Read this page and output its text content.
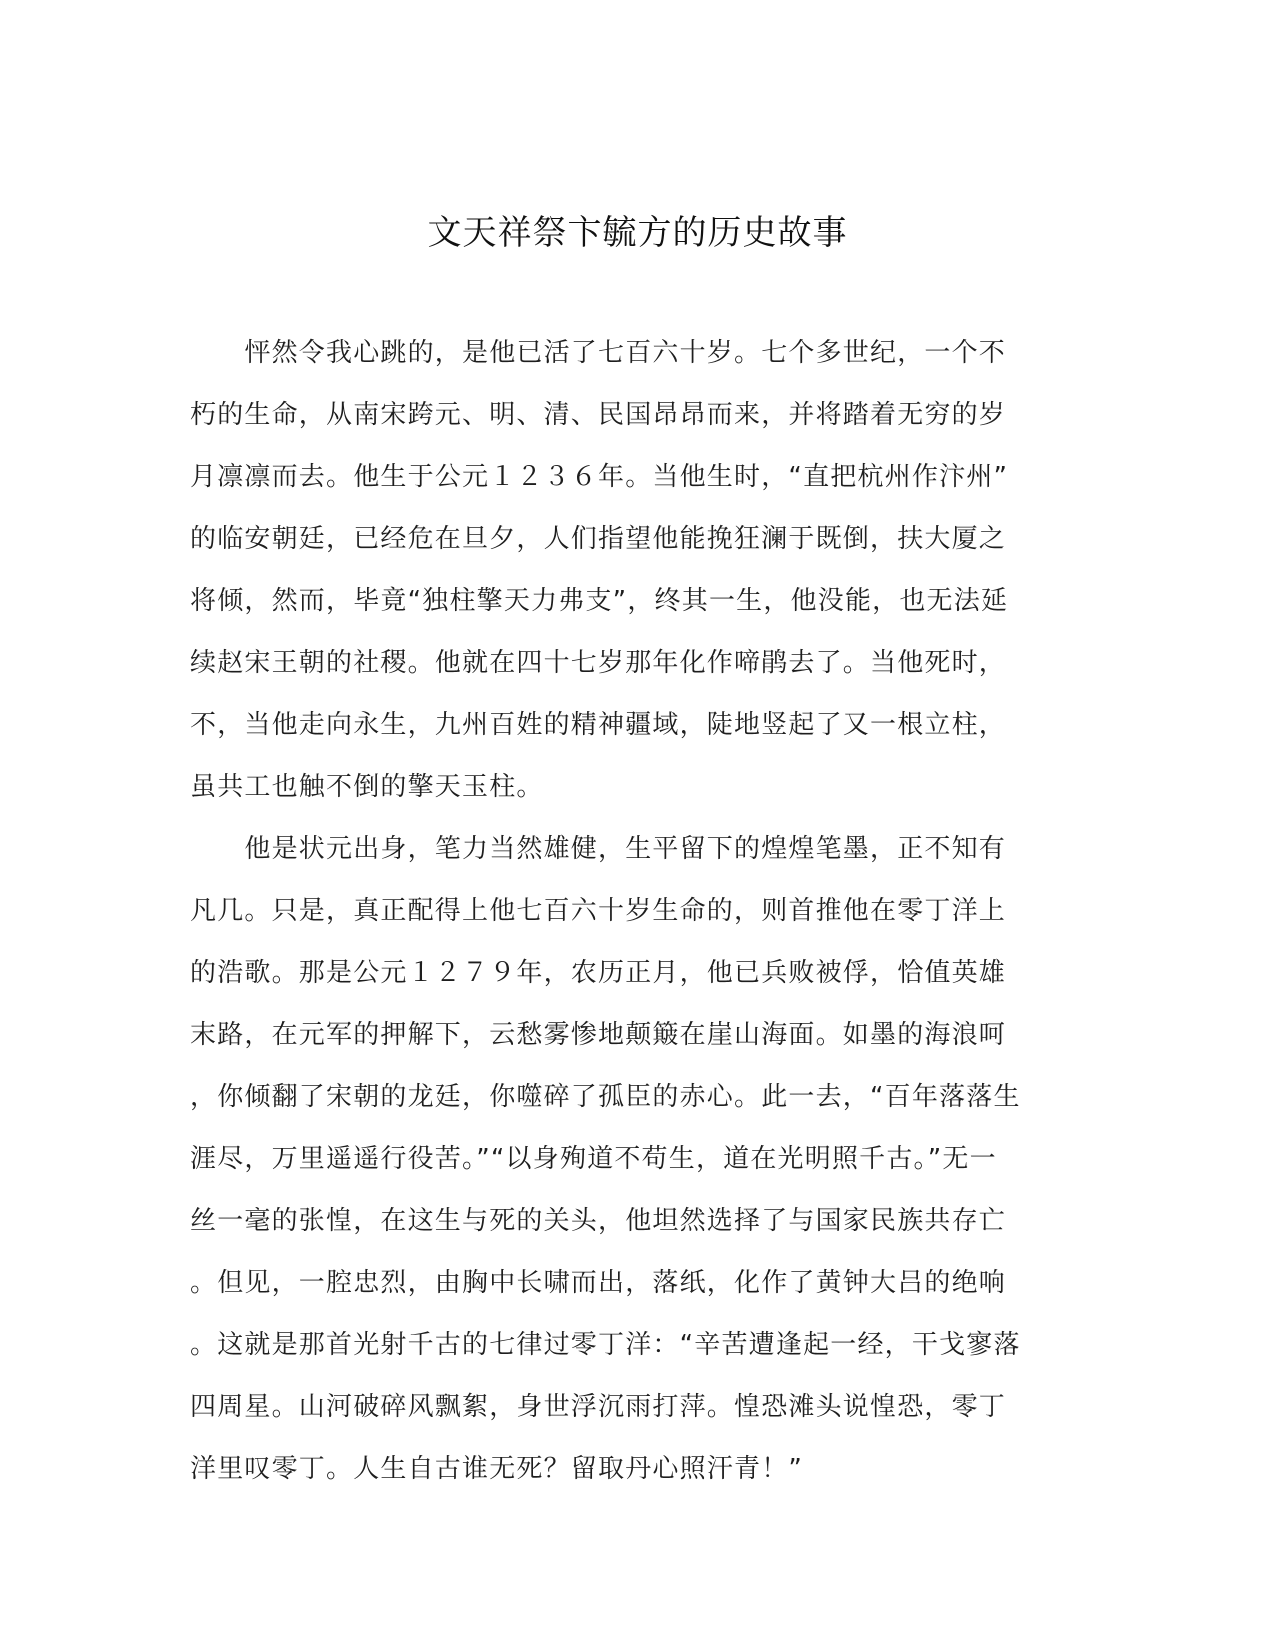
文天祥祭卞毓方的历史故事
　　怦然令我心跳的，是他已活了七百六十岁。七个多世纪，一个不
朽的生命，从南宋跨元、明、清、民国昂昂而来，并将踏着无穷的岁
月凛凛而去。他生于公元１２３６年。当他生时，“直把杭州作汴州”
的临安朝廷，已经危在旦夕，人们指望他能挽狂澜于既倒，扶大厦之
将倾，然而，毕竟“独柱擎天力弗支”，终其一生，他没能，也无法延
续赵宋王朝的社稷。他就在四十七岁那年化作啼鹃去了。当他死时，
不，当他走向永生，九州百姓的精神疆域，陡地竖起了又一根立柱，
虽共工也触不倒的擎天玉柱。
　　他是状元出身，笔力当然雄健，生平留下的煌煌笔墨，正不知有
凡几。只是，真正配得上他七百六十岁生命的，则首推他在零丁洋上
的浩歌。那是公元１２７９年，农历正月，他已兵败被俘，恰值英雄
末路，在元军的押解下，云愁雾惨地颠簸在崖山海面。如墨的海浪呵
，你倾翻了宋朝的龙廷，你噬碎了孤臣的赤心。此一去，“百年落落生
涯尽，万里遥遥行役苦。”“以身殉道不苟生，道在光明照千古。”无一
丝一毫的张惶，在这生与死的关头，他坦然选择了与国家民族共存亡
。但见，一腔忠烈，由胸中长啸而出，落纸，化作了黄钟大吕的绝响
。这就是那首光射千古的七律过零丁洋：“辛苦遭逢起一经，干戈寥落
四周星。山河破碎风飘絮，身世浮沉雨打萍。惶恐滩头说惶恐，零丁
洋里叹零丁。人生自古谁无死？留取丹心照汗青！”
